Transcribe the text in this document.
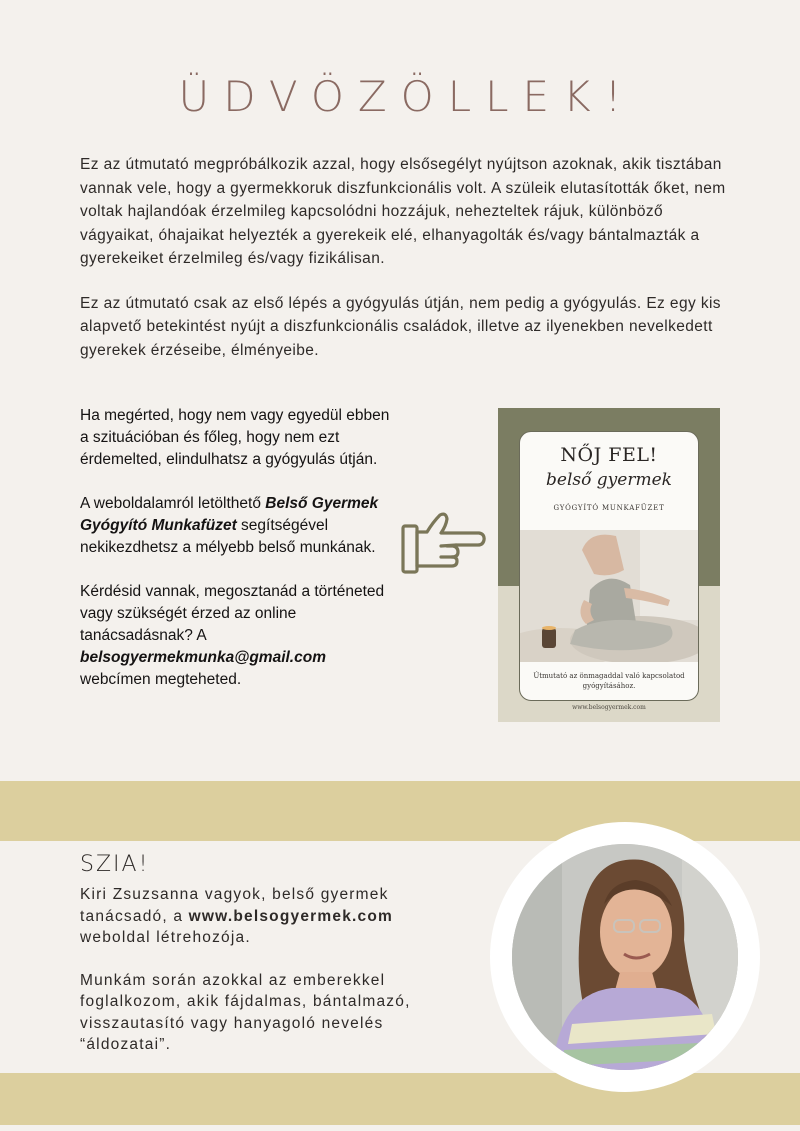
ÜDVÖZÖLLEK!

Ez az útmutató megpróbálkozik azzal, hogy elsősegélyt nyújtson azoknak, akik tisztában vannak vele, hogy a gyermekkoruk diszfunkcionális volt. A szüleik elutasították őket, nem voltak hajlandóak érzelmileg kapcsolódni hozzájuk, nehezteltek rájuk, különböző vágyaikat, óhajaikat helyezték a gyerekeik elé, elhanyagolták és/vagy bántalmazták a gyerekeiket érzelmileg és/vagy fizikálisan.

Ez az útmutató csak az első lépés a gyógyulás útján, nem pedig a gyógyulás. Ez egy kis alapvető betekintést nyújt a diszfunkcionális családok, illetve az ilyenekben nevelkedett gyerekek érzéseibe, élményeibe.

Ha megérted, hogy nem vagy egyedül ebben a szituációban és főleg, hogy nem ezt érdemelted, elindulhatsz a gyógyulás útján.

A weboldalamról letölthető Belső Gyermek Gyógyító Munkafüzet segítségével nekikezdhetsz a mélyebb belső munkának.

Kérdésid vannak, megosztanád a történeted vagy szükségét érzed az online tanácsadásnak? A belsogyermekmunka@gmail.com webcímen megteheted.

NŐJ FEL!
belső gyermek
GYÓGYÍTÓ MUNKAFÜZET
Útmutató az önmagaddal való kapcsolatod gyógyításához.
www.belsogyermek.com
SZIA!

Kiri Zsuzsanna vagyok, belső gyermek tanácsadó, a www.belsogyermek.com weboldal létrehozója.

Munkám során azokkal az emberekkel foglalkozom, akik fájdalmas, bántalmazó, visszautasító vagy hanyagoló nevelés “áldozatai”.
